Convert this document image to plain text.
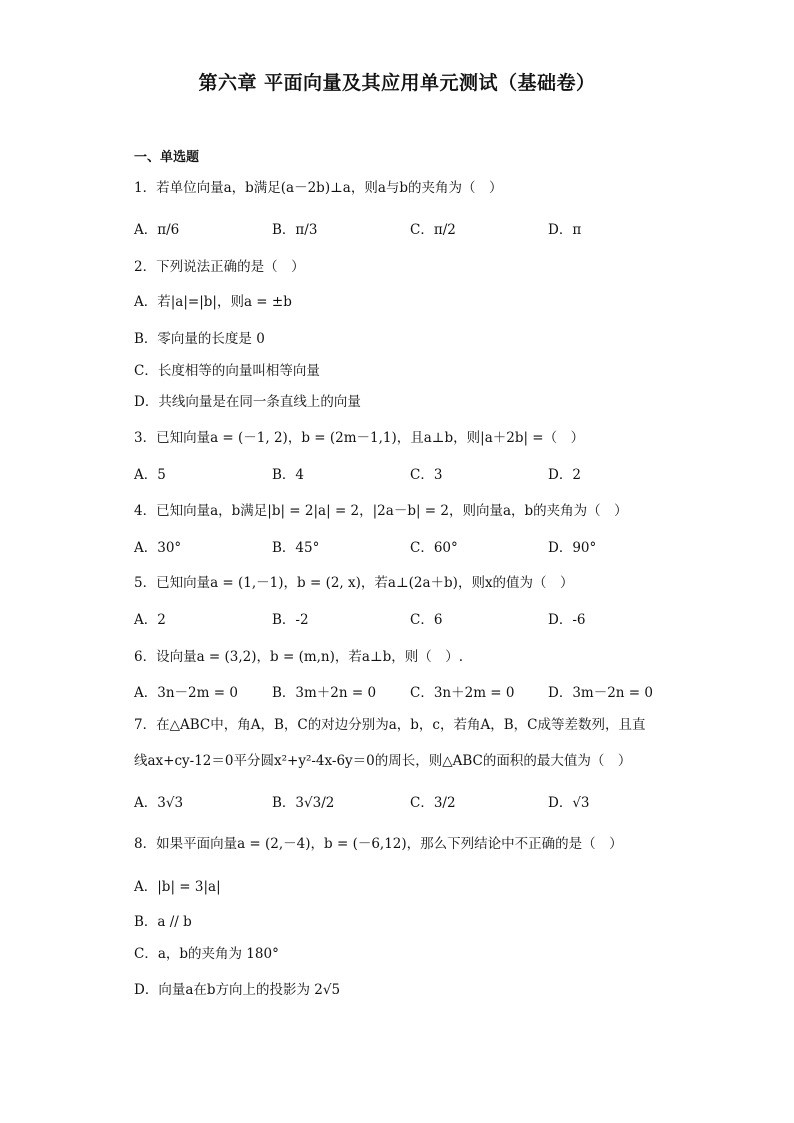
第六章 平面向量及其应用单元测试（基础卷）
一、单选题
1．若单位向量a，b满足(a－2b)⊥a，则a与b的夹角为（　）
A．π/6	B．π/3	C．π/2	D．π
2．下列说法正确的是（　）
A．若|a|=|b|，则a = ±b
B．零向量的长度是 0
C．长度相等的向量叫相等向量
D．共线向量是在同一条直线上的向量
3．已知向量a = (－1, 2)，b = (2m－1,1)，且a⊥b，则|a＋2b| =（　）
A．5	B．4	C．3	D．2
4．已知向量a，b满足|b| = 2|a| = 2，|2a－b| = 2，则向量a，b的夹角为（　）
A．30°	B．45°	C．60°	D．90°
5．已知向量a = (1,－1)，b = (2, x)，若a⊥(2a＋b)，则x的值为（　）
A．2	B．-2	C．6	D．-6
6．设向量a = (3,2)，b = (m,n)，若a⊥b，则（　）.
A．3n－2m = 0	B．3m＋2n = 0	C．3n＋2m = 0 D．3m－2n = 0
7．在△ABC中，角A，B，C的对边分别为a，b，c，若角A，B，C成等差数列，且直
线ax+cy-12＝0平分圆x²+y²-4x-6y＝0的周长，则△ABC的面积的最大值为（　）
A．3√3	B．3√3/2	C．3/2	D．√3
8．如果平面向量a = (2,－4)，b = (－6,12)，那么下列结论中不正确的是（　）
A．|b| = 3|a|
B．a // b
C．a，b的夹角为 180°
D．向量a在b方向上的投影为 2√5
